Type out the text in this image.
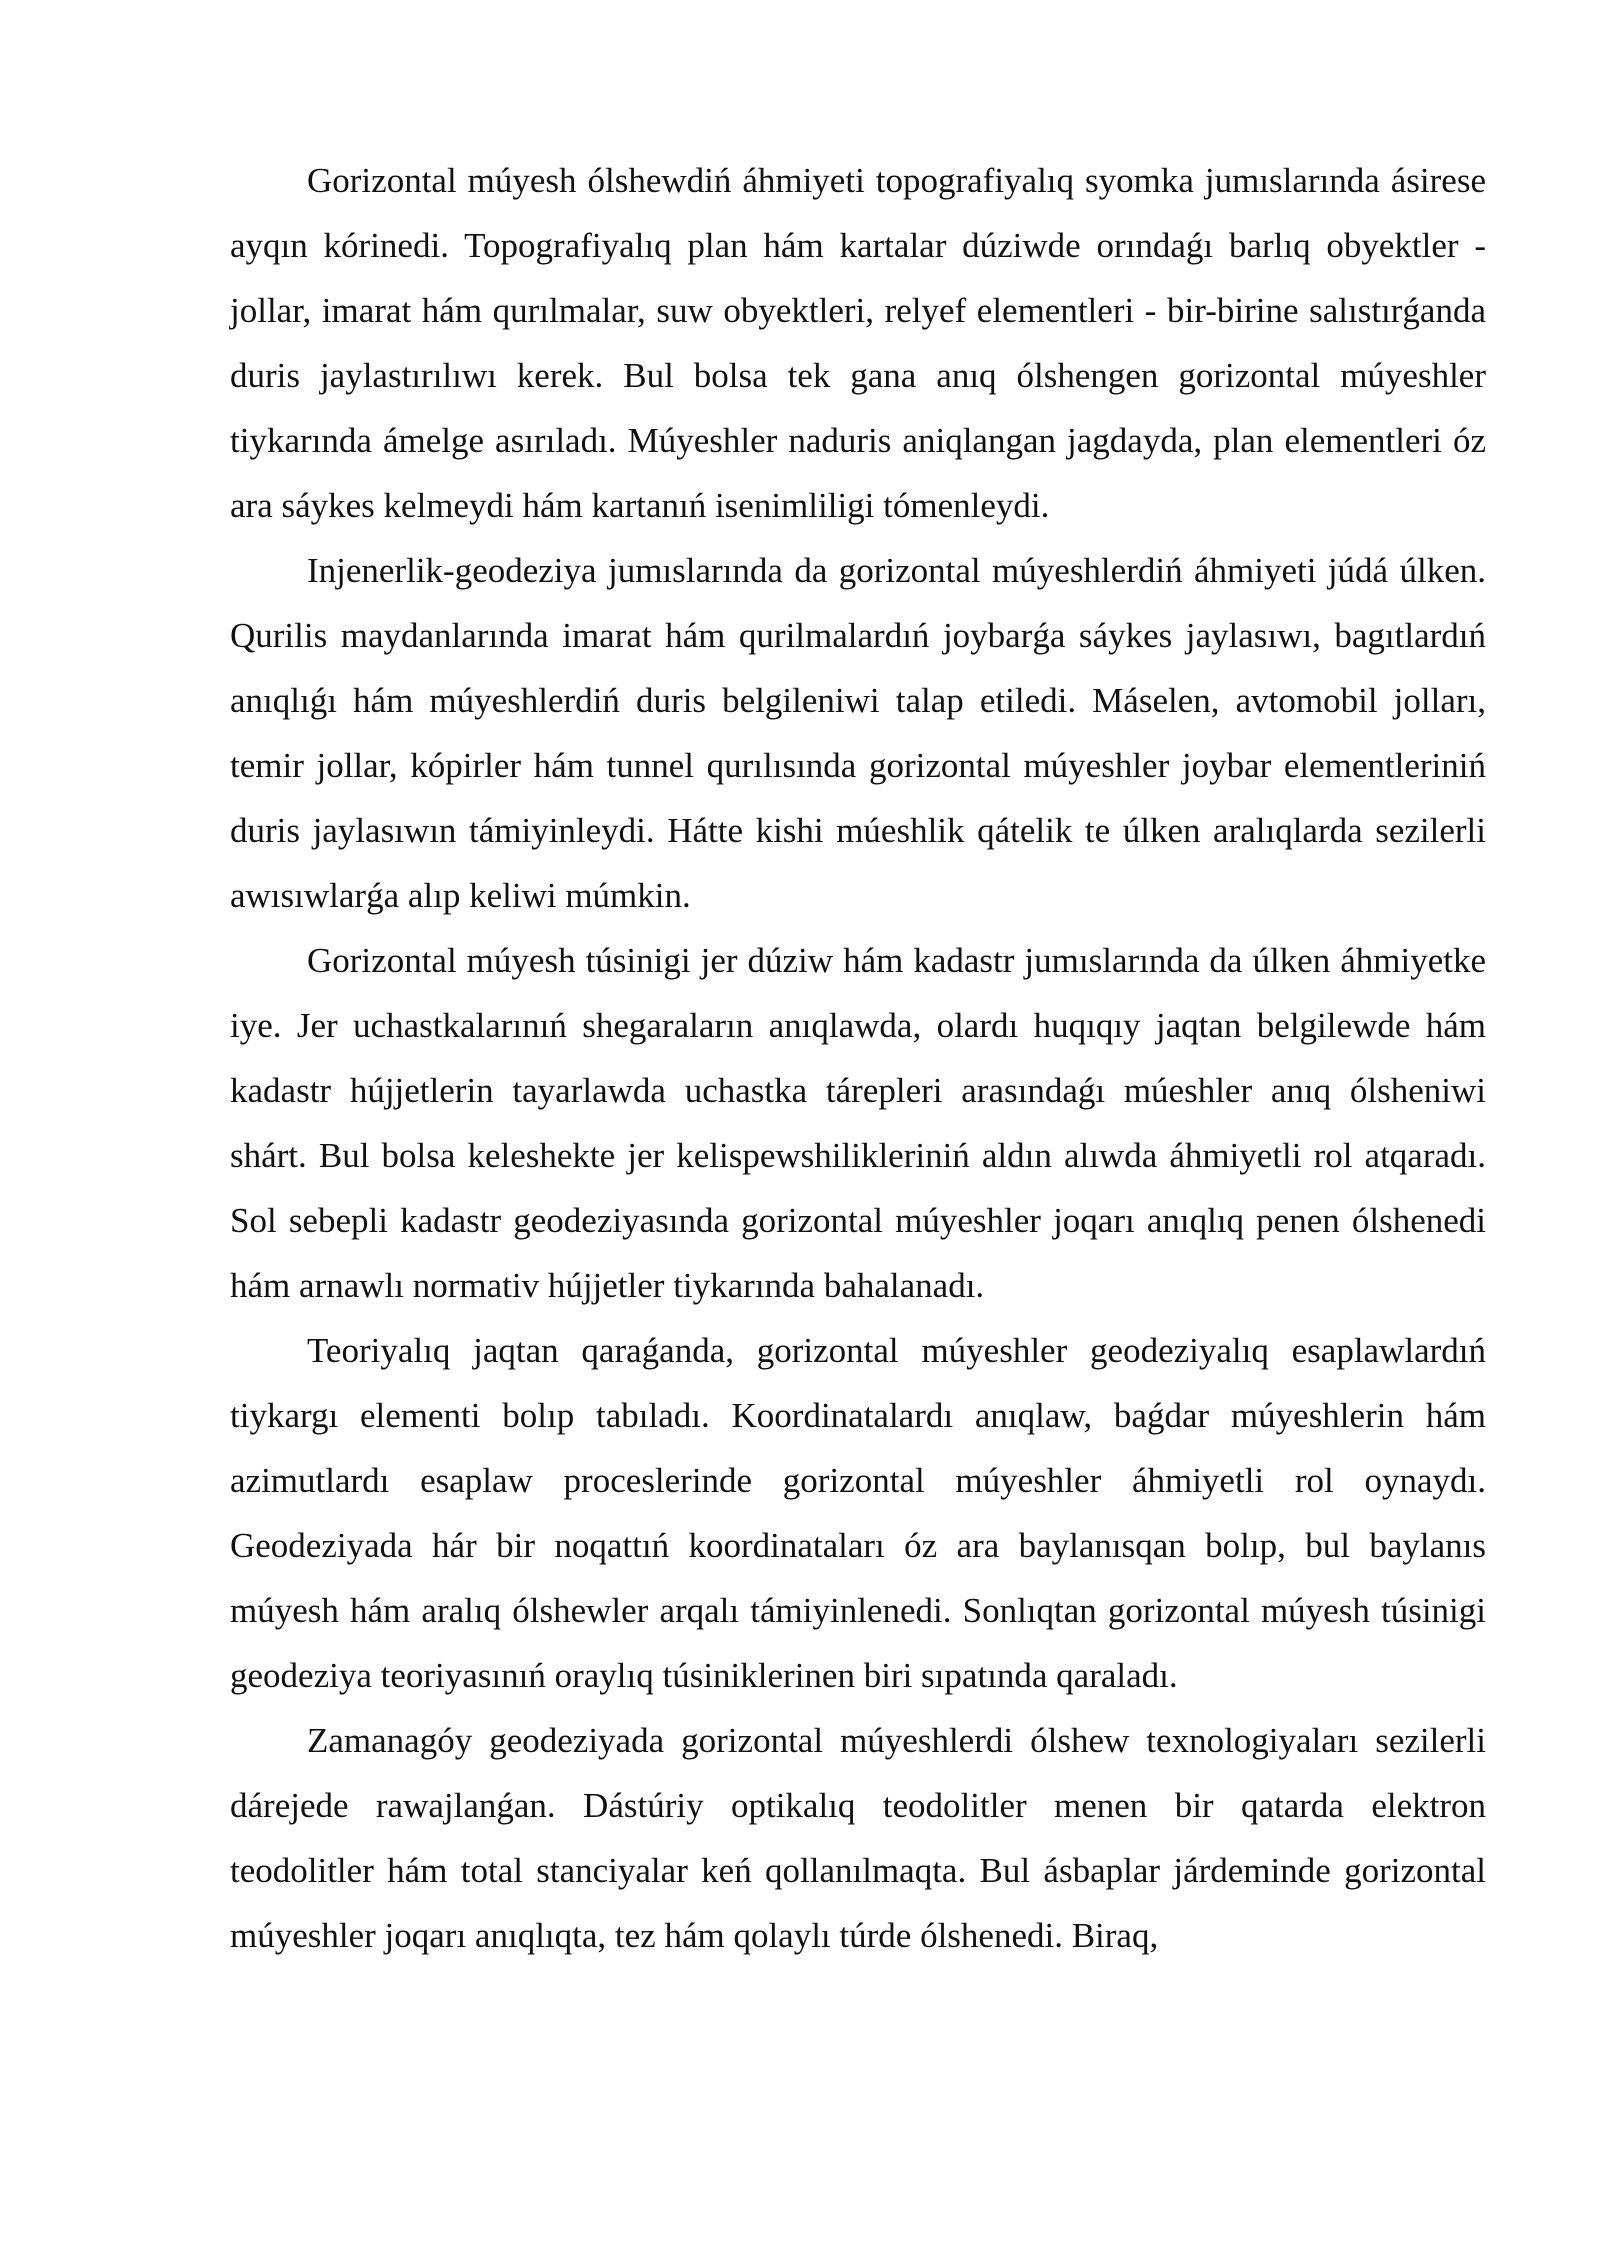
Gorizontal múyesh ólshewdiń áhmiyeti topografiyalıq syomka jumıslarında ásirese ayqın kórinedi. Topografiyalıq plan hám kartalar dúziwde orındaǵı barlıq obyektler - jollar, imarat hám qurılmalar, suw obyektleri, relyef elementleri - bir-birine salıstırǵanda duris jaylastırılıwı kerek. Bul bolsa tek gana anıq ólshengen gorizontal múyeshler tiykarında ámelge asırıladı. Múyeshler naduris aniqlangan jagdayda, plan elementleri óz ara sáykes kelmeydi hám kartanıń isenimliligi tómenleydi.

Injenerlik-geodeziya jumıslarında da gorizontal múyeshlerdiń áhmiyeti júdá úlken. Qurilis maydanlarında imarat hám qurilmalardıń joybarǵa sáykes jaylasıwı, bagıtlardıń anıqlıǵı hám múyeshlerdiń duris belgileniwi talap etiledi. Máselen, avtomobil jolları, temir jollar, kópirler hám tunnel qurılısında gorizontal múyeshler joybar elementleriniń duris jaylasıwın támiyinleydi. Hátte kishi múeshlik qátelik te úlken aralıqlarda sezilerli awısıwlarǵa alıp keliwi múmkin.

Gorizontal múyesh túsinigi jer dúziw hám kadastr jumıslarında da úlken áhmiyetke iye. Jer uchastkalarınıń shegaraların anıqlawda, olardı huqıqıy jaqtan belgilewde hám kadastr hújjetlerin tayarlawda uchastka tárepleri arasındaǵı múeshler anıq ólsheniwi shárt. Bul bolsa keleshekte jer kelispewshilikleriniń aldın alıwda áhmiyetli rol atqaradı. Sol sebepli kadastr geodeziyasında gorizontal múyeshler joqarı anıqlıq penen ólshenedi hám arnawlı normativ hújjetler tiykarında bahalanadı.

Teoriyalıq jaqtan qaraǵanda, gorizontal múyeshler geodeziyalıq esaplawlardıń tiykargı elementi bolıp tabıladı. Koordinatalardı anıqlaw, baǵdar múyeshlerin hám azimutlardı esaplaw proceslerinde gorizontal múyeshler áhmiyetli rol oynaydı. Geodeziyada hár bir noqattıń koordinataları óz ara baylanısqan bolıp, bul baylanıs múyesh hám aralıq ólshewler arqalı támiyinlenedi. Sonlıqtan gorizontal múyesh túsinigi geodeziya teoriyasınıń oraylıq túsiniklerinen biri sıpatında qaraladı.

Zamanagóy geodeziyada gorizontal múyeshlerdi ólshew texnologiyaları sezilerli dárejede rawajlanǵan. Dástúriy optikalıq teodolitler menen bir qatarda elektron teodolitler hám total stanciyalar keń qollanılmaqta. Bul ásbaplar járdeminde gorizontal múyeshler joqarı anıqlıqta, tez hám qolaylı túrde ólshenedi. Biraq,
